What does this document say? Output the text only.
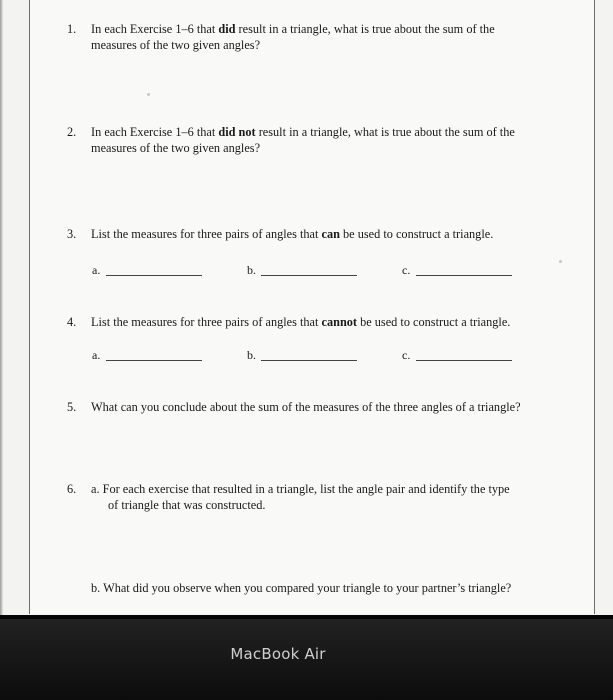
1. In each Exercise 1–6 that did result in a triangle, what is true about the sum of the
measures of the two given angles?
2. In each Exercise 1–6 that did not result in a triangle, what is true about the sum of the
measures of the two given angles?
3. List the measures for three pairs of angles that can be used to construct a triangle.
a.	b.	c.
4. List the measures for three pairs of angles that cannot be used to construct a triangle.
a.	b.	c.
5. What can you conclude about the sum of the measures of the three angles of a triangle?
6. a. For each exercise that resulted in a triangle, list the angle pair and identify the type
of triangle that was constructed.
b. What did you observe when you compared your triangle to your partner’s triangle?
MacBook Air
